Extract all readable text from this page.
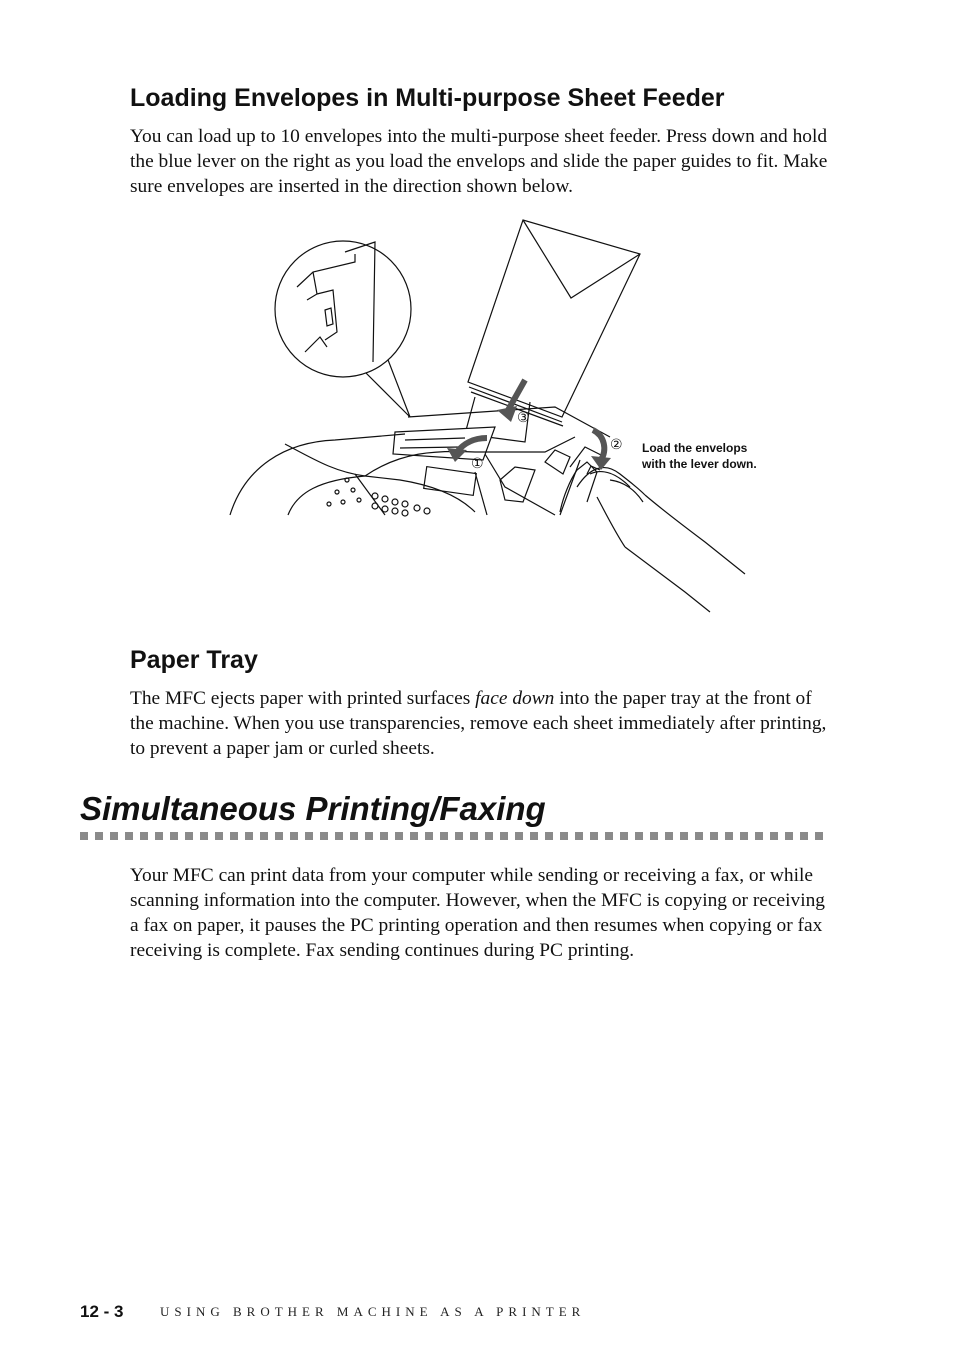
Loading Envelopes in Multi-purpose Sheet Feeder

You can load up to 10 envelopes into the multi-purpose sheet feeder. Press down and hold the blue lever on the right as you load the envelops and slide the paper guides to fit. Make sure envelopes are inserted in the direction shown below.

③
①
② Load the envelops
with the lever down.
Paper Tray

The MFC ejects paper with printed surfaces face down into the paper tray at the front of the machine. When you use transparencies, remove each sheet immediately after printing, to prevent a paper jam or curled sheets.

Simultaneous Printing/Faxing

Your MFC can print data from your computer while sending or receiving a fax, or while scanning information into the computer. However, when the MFC is copying or receiving a fax on paper, it pauses the PC printing operation and then resumes when copying or fax receiving is complete. Fax sending continues during PC printing.

12 - 3	USING BROTHER MACHINE AS A PRINTER
